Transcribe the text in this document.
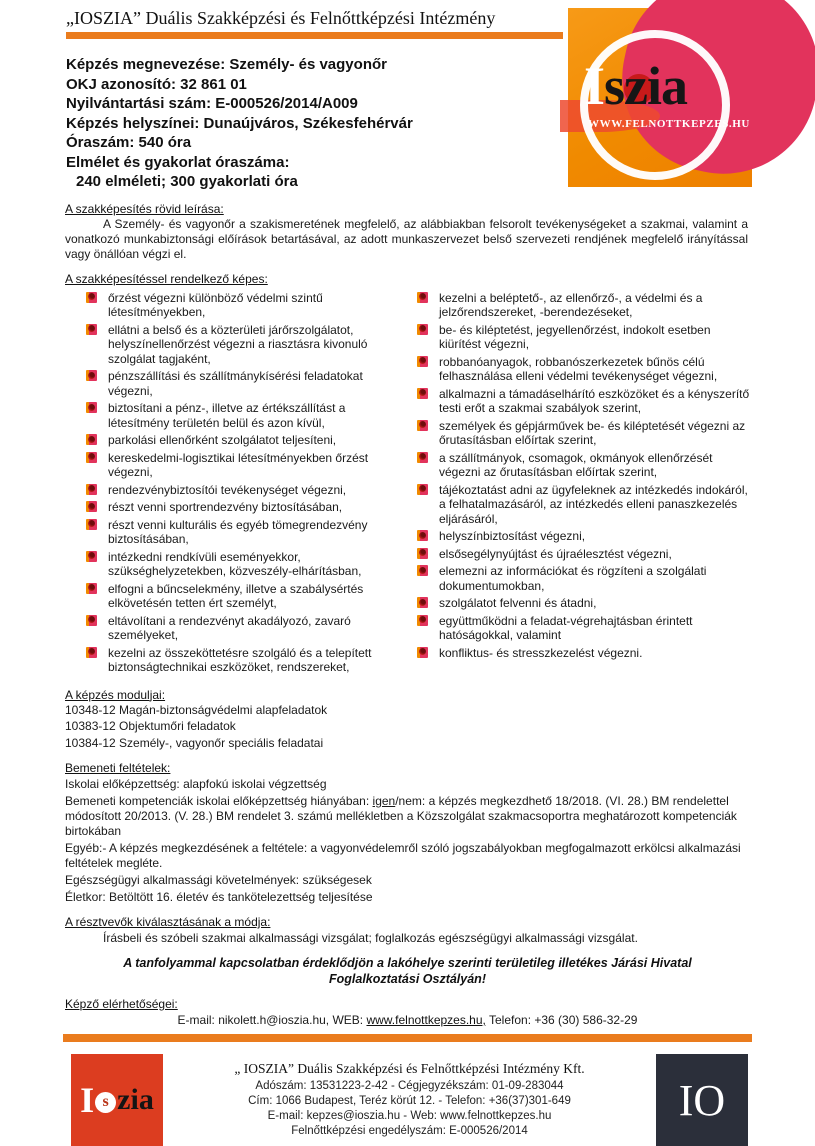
„IOSZIA” Duális Szakképzési és Felnőttképzési Intézmény
Iszia
WWW.FELNOTTKEPZES.HU
Képzés megnevezése: Személy- és vagyonőr
OKJ azonosító: 32 861 01
Nyilvántartási szám: E-000526/2014/A009
Képzés helyszínei: Dunaújváros, Székesfehérvár
Óraszám: 540 óra
Elmélet és gyakorlat óraszáma:
240 elméleti; 300 gyakorlati óra
A szakképesítés rövid leírása:

A Személy- és vagyonőr a szakismeretének megfelelő, az alábbiakban felsorolt tevékenységeket a szakmai, valamint a vonatkozó munkabiztonsági előírások betartásával, az adott munkaszervezet belső szervezeti rendjének megfelelő irányítással vagy önállóan végzi el.

A szakképesítéssel rendelkező képes:
őrzést végezni különböző védelmi szintű létesítményekben,
ellátni a belső és a közterületi járőrszolgálatot, helyszínellenőrzést végezni a riasztásra kivonuló szolgálat tagjaként,
pénzszállítási és szállítmánykísérési feladatokat végezni,
biztosítani a pénz-, illetve az értékszállítást a létesítmény területén belül és azon kívül,
parkolási ellenőrként szolgálatot teljesíteni,
kereskedelmi-logisztikai létesítményekben őrzést végezni,
rendezvénybiztosítói tevékenységet végezni,
részt venni sportrendezvény biztosításában,
részt venni kulturális és egyéb tömegrendezvény biztosításában,
intézkedni rendkívüli eseményekkor, szükséghelyzetekben, közveszély-elhárításban,
elfogni a bűncselekmény, illetve a szabálysértés elkövetésén tetten ért személyt,
eltávolítani a rendezvényt akadályozó, zavaró személyeket,
kezelni az összeköttetésre szolgáló és a telepített biztonságtechnikai eszközöket, rendszereket,
kezelni a beléptető-, az ellenőrző-, a védelmi és a jelzőrendszereket, -berendezéseket,
be- és kiléptetést, jegyellenőrzést, indokolt esetben kiürítést végezni,
robbanóanyagok, robbanószerkezetek bűnös célú felhasználása elleni védelmi tevékenységet végezni,
alkalmazni a támadáselhárító eszközöket és a kényszerítő testi erőt a szakmai szabályok szerint,
személyek és gépjárművek be- és kiléptetését végezni az őrutasításban előírtak szerint,
a szállítmányok, csomagok, okmányok ellenőrzését végezni az őrutasításban előírtak szerint,
tájékoztatást adni az ügyfeleknek az intézkedés indokáról, a felhatalmazásáról, az intézkedés elleni panaszkezelés eljárásáról,
helyszínbiztosítást végezni,
elsősegélynyújtást és újraélesztést végezni,
elemezni az információkat és rögzíteni a szolgálati dokumentumokban,
szolgálatot felvenni és átadni,
együttműködni a feladat-végrehajtásban érintett hatóságokkal, valamint
konfliktus- és stresszkezelést végezni.
A képzés moduljai:
10348-12 Magán-biztonságvédelmi alapfeladatok
10383-12 Objektumőri feladatok
10384-12 Személy-, vagyonőr speciális feladatai
Bemeneti feltételek:
Iskolai előképzettség: alapfokú iskolai végzettség
Bemeneti kompetenciák iskolai előképzettség hiányában: igen/nem: a képzés megkezdhető 18/2018. (VI. 28.) BM rendelettel módosított 20/2013. (V. 28.) BM rendelet 3. számú mellékletben a Közszolgálat szakmacsoportra meghatározott kompetenciák birtokában
Egyéb:- A képzés megkezdésének a feltétele: a vagyonvédelemről szóló jogszabályokban megfogalmazott erkölcsi alkalmazási feltételek megléte.
Egészségügyi alkalmassági követelmények: szükségesek
Életkor: Betöltött 16. életév és tankötelezettség teljesítése
A résztvevők kiválasztásának a módja:
Írásbeli és szóbeli szakmai alkalmassági vizsgálat; foglalkozás egészségügyi alkalmassági vizsgálat.
A tanfolyammal kapcsolatban érdeklődjön a lakóhelye szerinti területileg illetékes Járási Hivatal Foglalkoztatási Osztályán!
Képző elérhetőségei:
E-mail: nikolett.h@ioszia.hu, WEB: www.felnottkepzes.hu, Telefon: +36 (30) 586-32-29
I s zia
„ IOSZIA” Duális Szakképzési és Felnőttképzési Intézmény Kft.
Adószám: 13531223-2-42 - Cégjegyzékszám: 01-09-283044
Cím: 1066 Budapest, Teréz körút 12. - Telefon: +36(37)301-649
E-mail: kepzes@ioszia.hu - Web: www.felnottkepzes.hu
Felnőttképzési engedélyszám: E-000526/2014
IO
